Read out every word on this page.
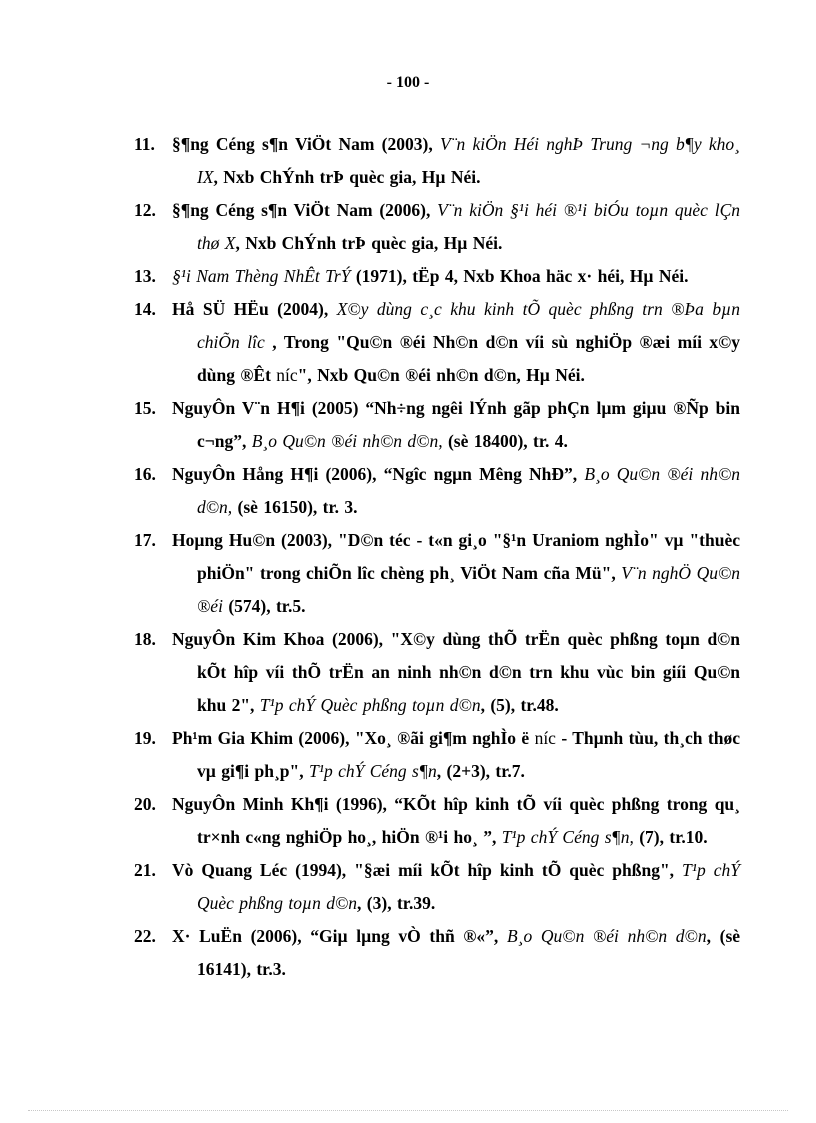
- 100 -

11. §¶ng Céng s¶n ViÖt Nam (2003), V¨n kiÖn Héi nghÞ Trung ¬ng b¶y kho¸ IX, Nxb ChÝnh trÞ quèc gia, Hµ Néi.

12. §¶ng Céng s¶n ViÖt Nam (2006), V¨n kiÖn §¹i héi ®¹i biÓu toµn quèc lÇn thø X, Nxb ChÝnh trÞ quèc gia, Hµ Néi.

13. §¹i Nam Thèng NhÊt TrÝ (1971), tËp 4, Nxb Khoa häc x· héi, Hµ Néi.

14. Hå SÜ HËu (2004), X©y dùng c¸c khu kinh tÕ quèc phßng trn ®Þa bµn chiÕn lîc , Trong "Qu©n ®éi Nh©n d©n víi sù nghiÖp ®æi míi x©y dùng ®Êt níc", Nxb Qu©n ®éi nh©n d©n, Hµ Néi.

15. NguyÔn V¨n H¶i (2005) “Nh÷ng ngêi lÝnh gãp phÇn lµm giµu ®Ñp bin c¬ng”, B¸o Qu©n ®éi nh©n d©n, (sè 18400), tr. 4.

16. NguyÔn Hång H¶i (2006), “Ngîc ngµn Mêng NhÐ”, B¸o Qu©n ®éi nh©n d©n, (sè 16150), tr. 3.

17. Hoµng Hu©n (2003), "D©n téc - t«n gi¸o "§¹n Uraniom nghÌo" vµ "thuèc phiÖn" trong chiÕn lîc chèng ph¸ ViÖt Nam cña Mü", V¨n nghÖ Qu©n ®éi (574), tr.5.

18. NguyÔn Kim Khoa (2006), "X©y dùng thÕ trËn quèc phßng toµn d©n kÕt hîp víi thÕ trËn an ninh nh©n d©n trn khu vùc bin giíi Qu©n khu 2", T¹p chÝ Quèc phßng toµn d©n, (5), tr.48.

19. Ph¹m Gia Khim (2006), "Xo¸ ®ãi gi¶m nghÌo ë níc - Thµnh tùu, th¸ch thøc vµ gi¶i ph¸p", T¹p chÝ Céng s¶n, (2+3), tr.7.

20. NguyÔn Minh Kh¶i (1996), “KÕt hîp kinh tÕ víi quèc phßng trong qu¸ tr×nh c«ng nghiÖp ho¸, hiÖn ®¹i ho¸ ”, T¹p chÝ Céng s¶n, (7), tr.10.

21. Vò Quang Léc (1994), "§æi míi kÕt hîp kinh tÕ quèc phßng", T¹p chÝ Quèc phßng toµn d©n, (3), tr.39.

22. X· LuËn (2006), “Giµ lµng vÒ thñ ®«”, B¸o Qu©n ®éi nh©n d©n, (sè 16141), tr.3.
